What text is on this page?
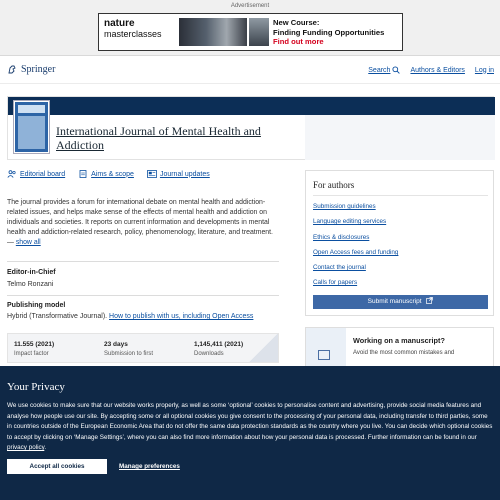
Advertisement
nature
masterclasses
New Course:
Finding Funding Opportunities
Find out more
Springer	Search	Authors & Editors Log in
International Journal of Mental Health and Addiction
Editorial board	Aims & scope	Journal updates
The journal provides a forum for international debate on mental health and addiction-related issues, and helps make sense of the effects of mental health and addiction on individuals and societies. It reports on current information and developments in mental health and addiction-related research, policy, phenomenology, literature, and treatment. — show all
Editor-in-Chief
Telmo Ronzani
Publishing model
Hybrid (Transformative Journal). How to publish with us, including Open Access
11.555 (2021)
Impact factor
23 days
Submission to first
1,145,411 (2021)
Downloads
For authors
Submission guidelines
Language editing services
Ethics & disclosures
Open Access fees and funding
Contact the journal
Calls for papers
Submit manuscript
Working on a manuscript?
Avoid the most common mistakes and
Your Privacy
We use cookies to make sure that our website works properly, as well as some ‘optional’ cookies to personalise content and advertising, provide social media features and analyse how people use our site. By accepting some or all optional cookies you give consent to the processing of your personal data, including transfer to third parties, some in countries outside of the European Economic Area that do not offer the same data protection standards as the country where you live. You can decide which optional cookies to accept by clicking on ‘Manage Settings’, where you can also find more information about how your personal data is processed. Further information can be found in our privacy policy.
Accept all cookies	Manage preferences
